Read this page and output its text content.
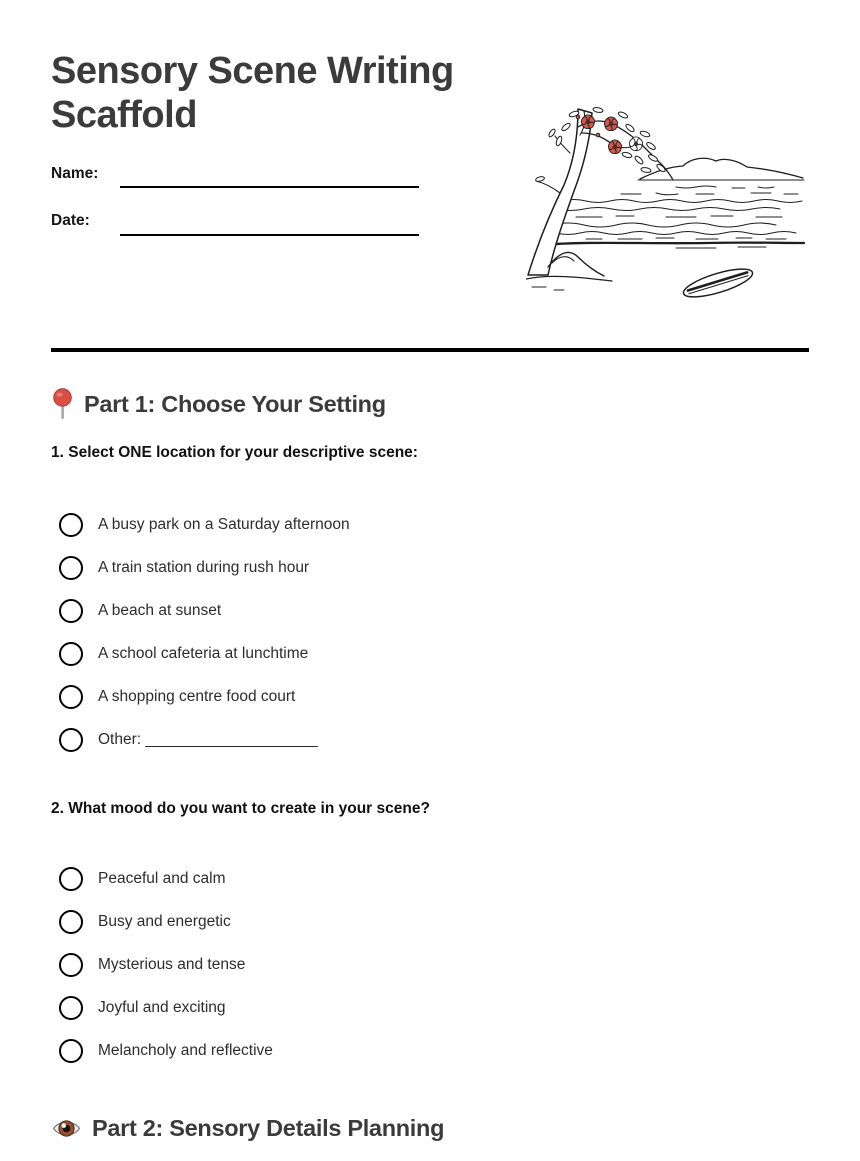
Sensory Scene Writing Scaffold
Name:
Date:
Part 1: Choose Your Setting
1. Select ONE location for your descriptive scene:
A busy park on a Saturday afternoon
A train station during rush hour
A beach at sunset
A school cafeteria at lunchtime
A shopping centre food court
Other: ____________________
2. What mood do you want to create in your scene?
Peaceful and calm
Busy and energetic
Mysterious and tense
Joyful and exciting
Melancholy and reflective
Part 2: Sensory Details Planning
